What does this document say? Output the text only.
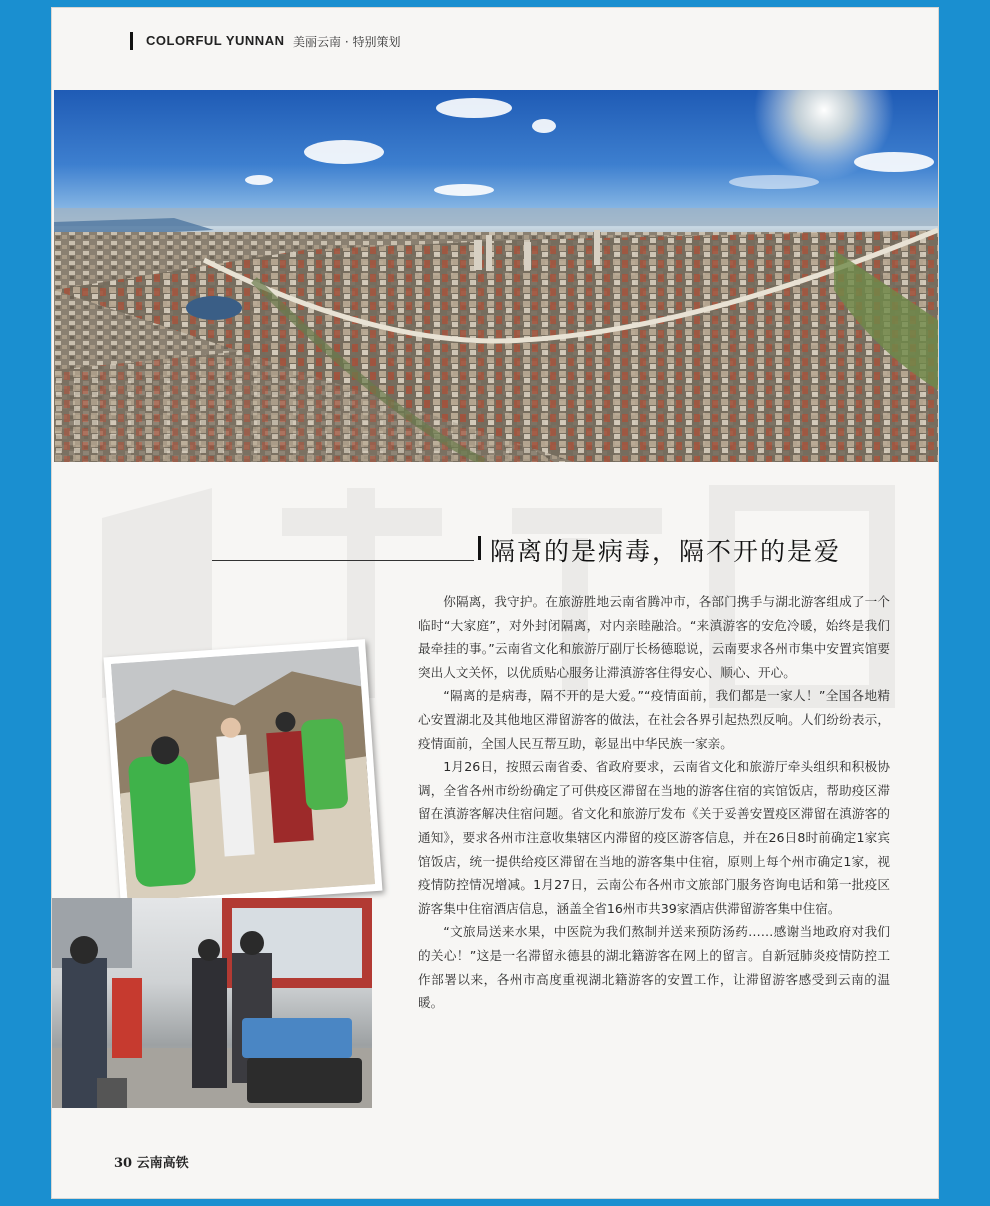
COLORFUL YUNNAN 美丽云南 · 特别策划
隔离的是病毒，隔不开的是爱

你隔离，我守护。在旅游胜地云南省腾冲市，各部门携手与湖北游客组成了一个临时“大家庭”，对外封闭隔离，对内亲睦融洽。“来滇游客的安危冷暖，始终是我们最牵挂的事。”云南省文化和旅游厅副厅长杨德聪说，云南要求各州市集中安置宾馆要突出人文关怀，以优质贴心服务让滞滇游客住得安心、顺心、开心。

“隔离的是病毒，隔不开的是大爱。”“疫情面前，我们都是一家人！”全国各地精心安置湖北及其他地区滞留游客的做法，在社会各界引起热烈反响。人们纷纷表示，疫情面前，全国人民互帮互助，彰显出中华民族一家亲。

1月26日，按照云南省委、省政府要求，云南省文化和旅游厅牵头组织和积极协调，全省各州市纷纷确定了可供疫区滞留在当地的游客住宿的宾馆饭店，帮助疫区滞留在滇游客解决住宿问题。省文化和旅游厅发布《关于妥善安置疫区滞留在滇游客的通知》，要求各州市注意收集辖区内滞留的疫区游客信息，并在26日8时前确定1家宾馆饭店，统一提供给疫区滞留在当地的游客集中住宿，原则上每个州市确定1家，视疫情防控情况增减。1月27日，云南公布各州市文旅部门服务咨询电话和第一批疫区游客集中住宿酒店信息，涵盖全省16州市共39家酒店供滞留游客集中住宿。

“文旅局送来水果，中医院为我们熬制并送来预防汤药……感谢当地政府对我们的关心！”这是一名滞留永德县的湖北籍游客在网上的留言。自新冠肺炎疫情防控工作部署以来，各州市高度重视湖北籍游客的安置工作，让滞留游客感受到云南的温暖。

30 云南高铁
